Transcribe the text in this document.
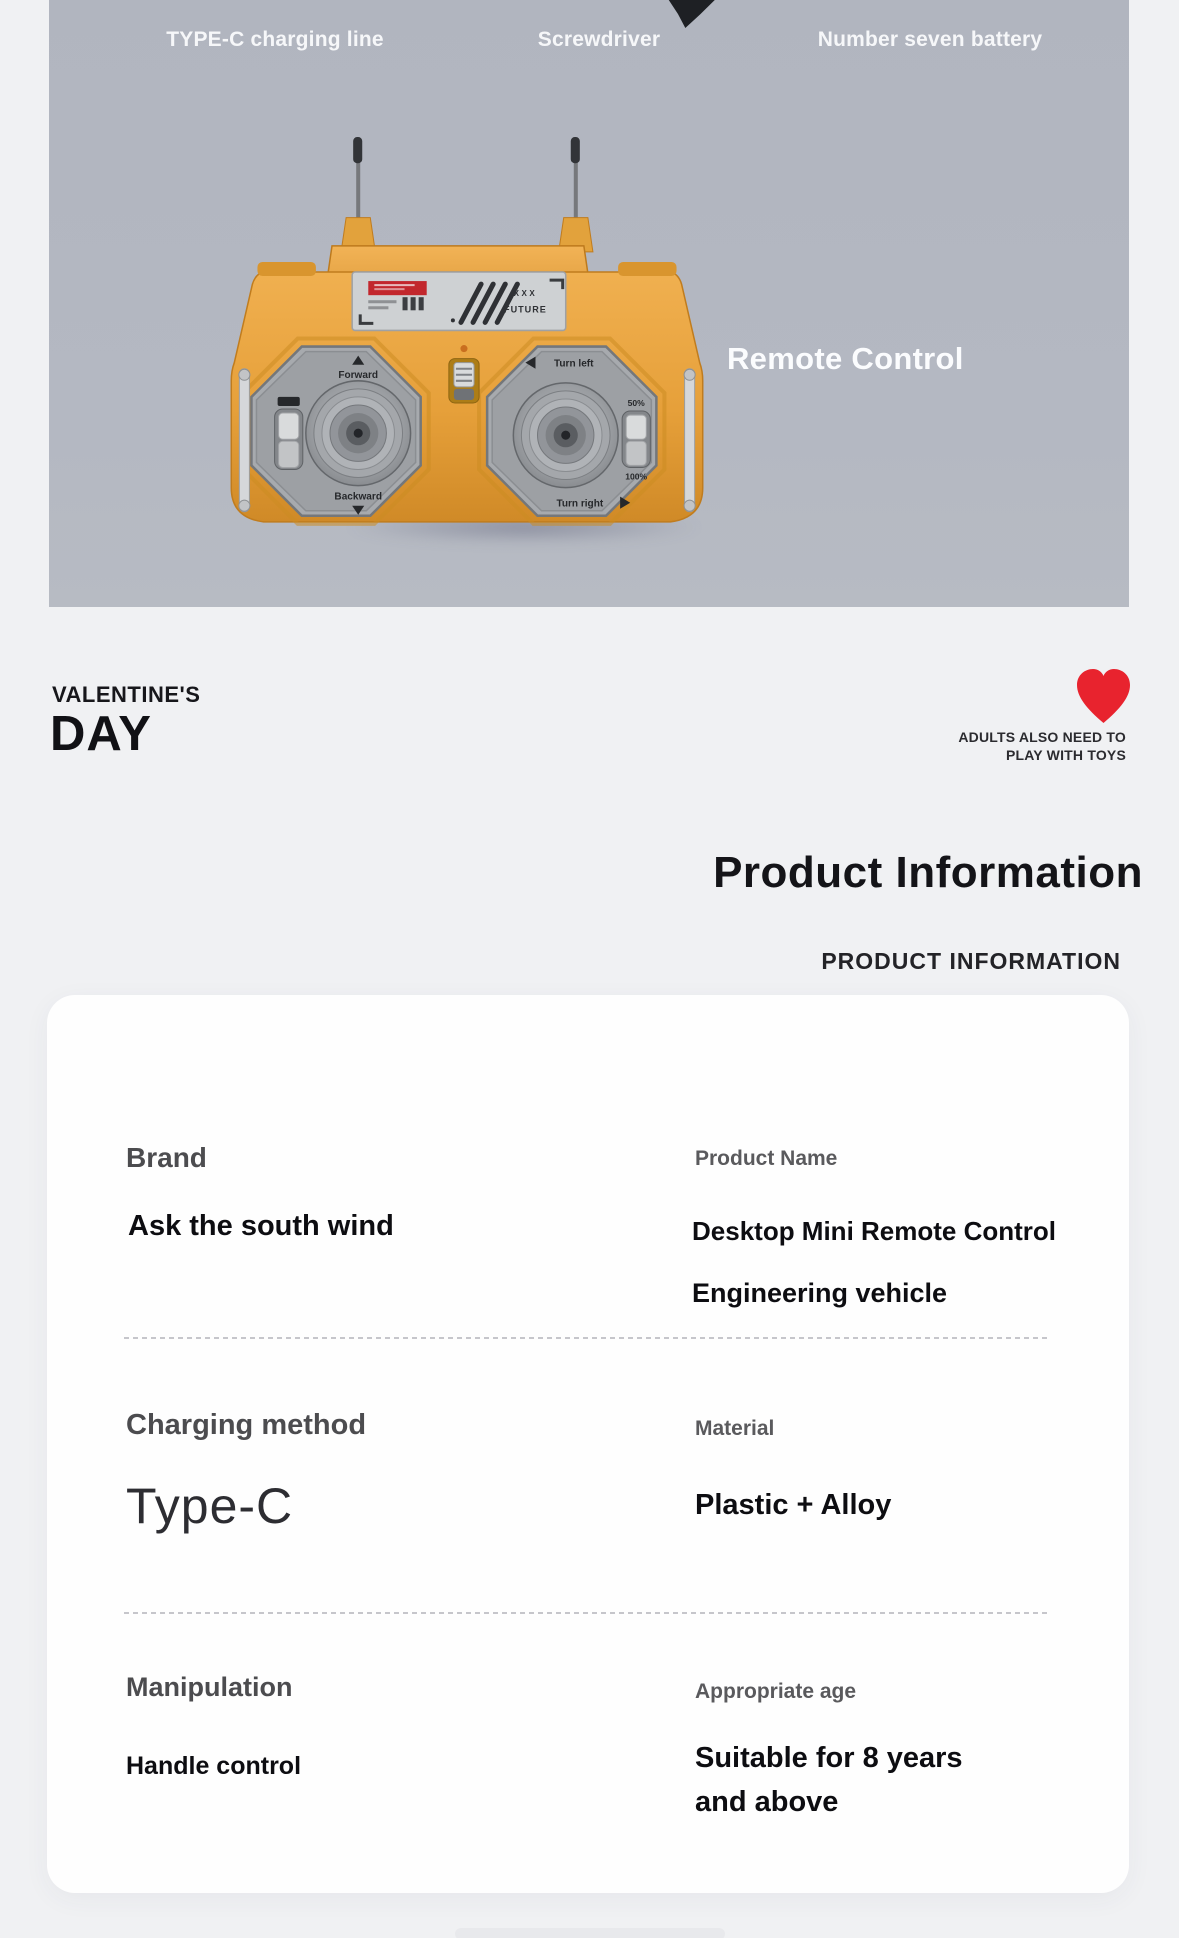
TYPE-C charging line	Screwdriver	Number seven battery
XXX
FUTURE
Forward
Backward
Turn left
Turn right
50%
100%
Remote Control
VALENTINE'S
DAY	ADULTS ALSO NEED TO
PLAY WITH TOYS
Product Information
PRODUCT INFORMATION
Brand
Ask the south wind
Product Name
Desktop Mini Remote Control
Engineering vehicle
Charging method
Type-C
Material
Plastic + Alloy
Manipulation
Handle control
Appropriate age
Suitable for 8 years
and above
